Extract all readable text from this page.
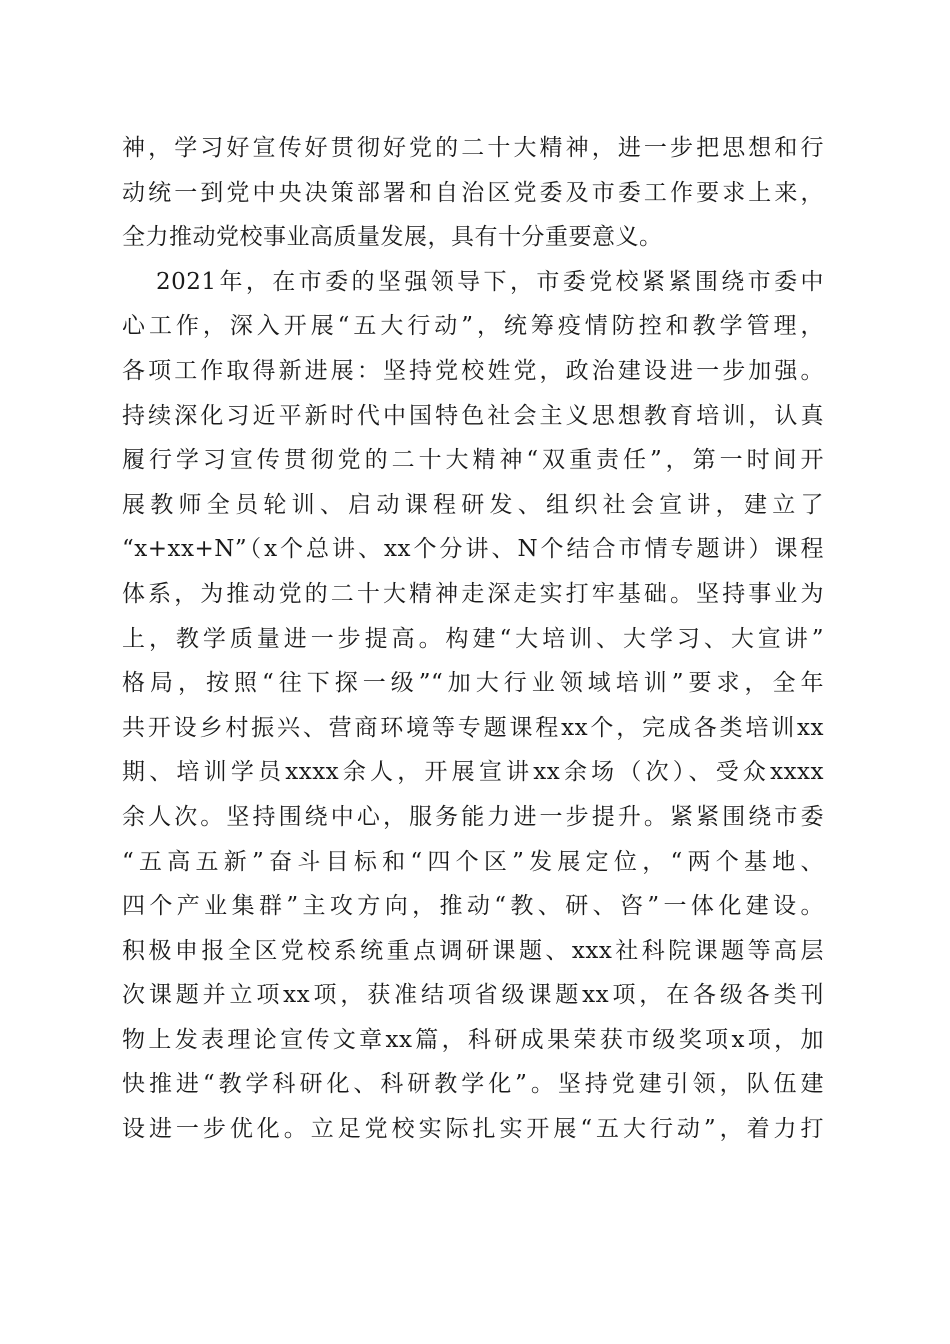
神，学习好宣传好贯彻好党的二十大精神，进一步把思想和行
动统一到党中央决策部署和自治区党委及市委工作要求上来，
全力推动党校事业高质量发展，具有十分重要意义。
2021年，在市委的坚强领导下，市委党校紧紧围绕市委中
心工作，深入开展“五大行动”，统筹疫情防控和教学管理，
各项工作取得新进展：坚持党校姓党，政治建设进一步加强。
持续深化习近平新时代中国特色社会主义思想教育培训，认真
履行学习宣传贯彻党的二十大精神“双重责任”，第一时间开
展教师全员轮训、启动课程研发、组织社会宣讲，建立了
“x+xx+N”（x个总讲、xx个分讲、N个结合市情专题讲）课程
体系，为推动党的二十大精神走深走实打牢基础。坚持事业为
上，教学质量进一步提高。构建“大培训、大学习、大宣讲”
格局，按照“往下探一级”“加大行业领域培训”要求，全年
共开设乡村振兴、营商环境等专题课程xx个，完成各类培训xx
期、培训学员xxxx余人，开展宣讲xx余场（次）、受众xxxx
余人次。坚持围绕中心，服务能力进一步提升。紧紧围绕市委
“五高五新”奋斗目标和“四个区”发展定位，“两个基地、
四个产业集群”主攻方向，推动“教、研、咨”一体化建设。
积极申报全区党校系统重点调研课题、xxx社科院课题等高层
次课题并立项xx项，获准结项省级课题xx项，在各级各类刊
物上发表理论宣传文章xx篇，科研成果荣获市级奖项x项，加
快推进“教学科研化、科研教学化”。坚持党建引领，队伍建
设进一步优化。立足党校实际扎实开展“五大行动”，着力打
